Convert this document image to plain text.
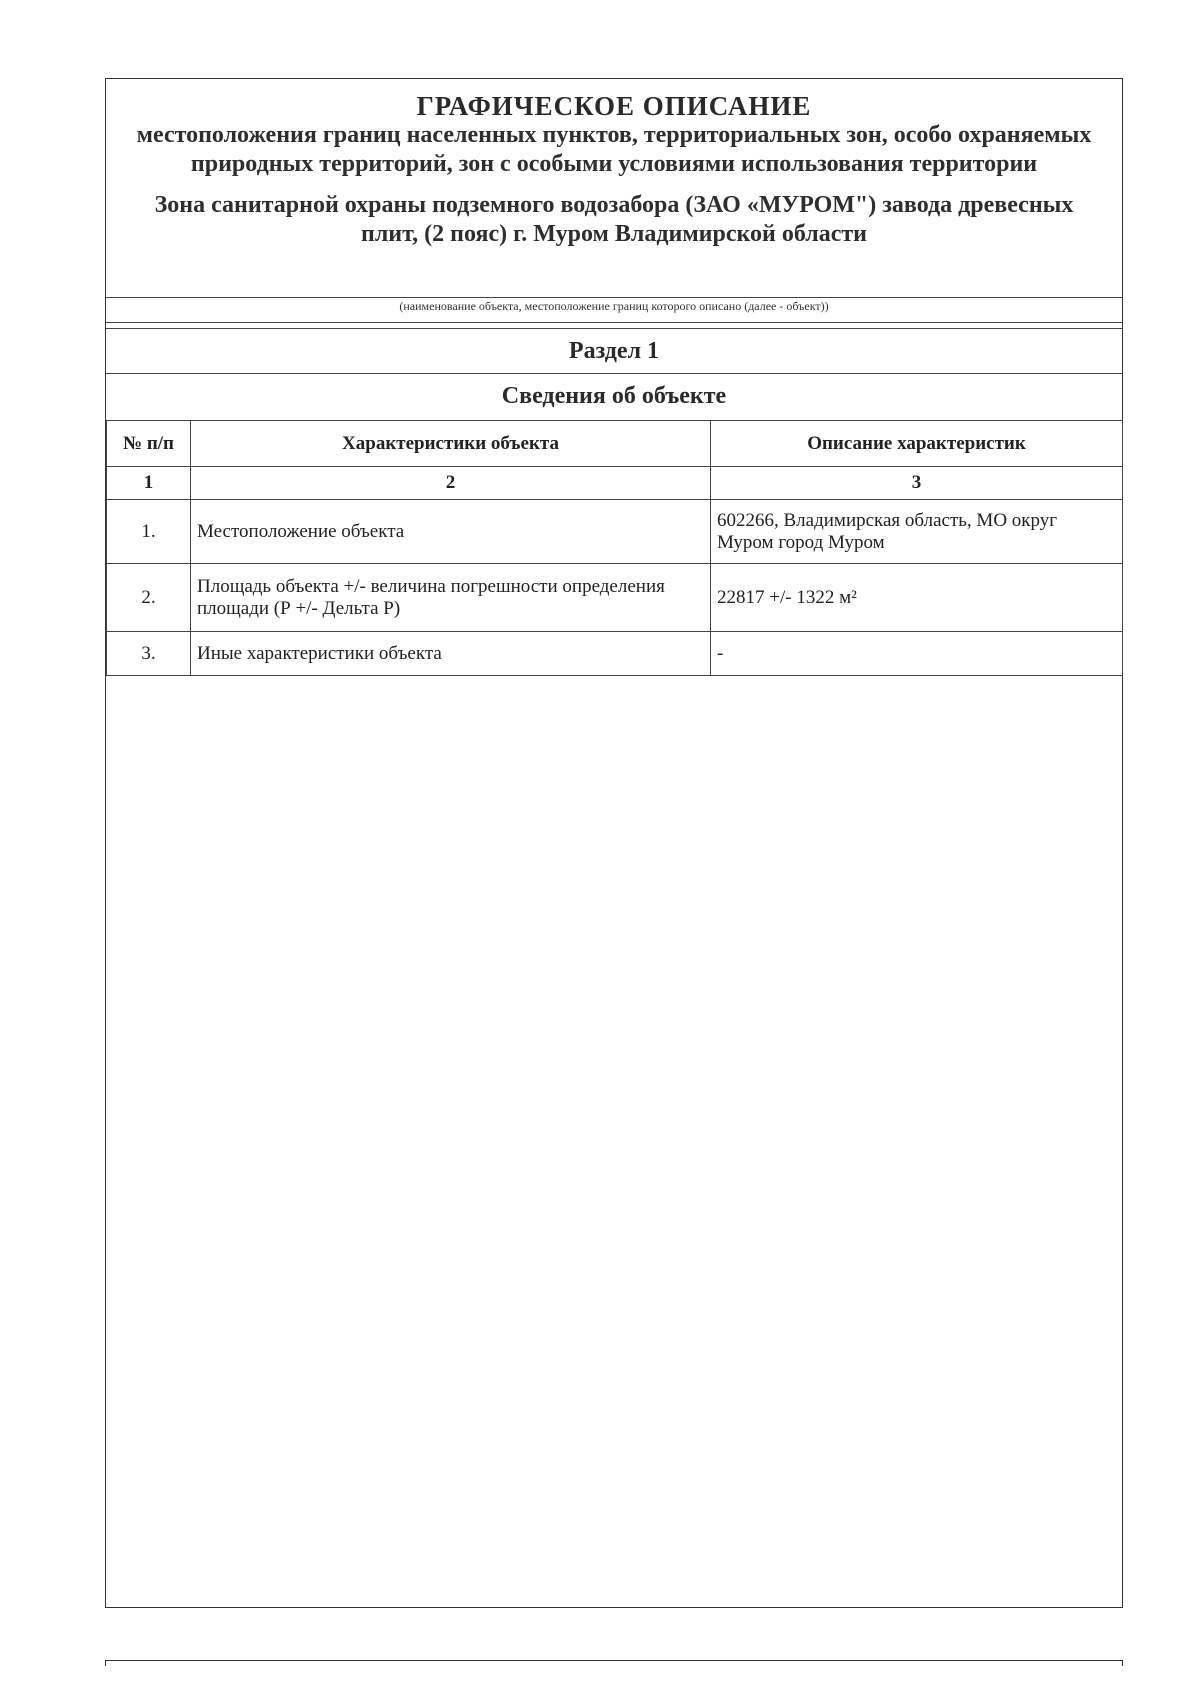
ГРАФИЧЕСКОЕ ОПИСАНИЕ
местоположения границ населенных пунктов, территориальных зон, особо охраняемых природных территорий, зон с особыми условиями использования территории
Зона санитарной охраны подземного водозабора (ЗАО «МУРОМ") завода древесных плит, (2 пояс) г. Муром Владимирской области
(наименование объекта, местоположение границ которого описано (далее - объект))
Раздел 1
Сведения об объекте
№ п/п	Характеристики объекта	Описание характеристик
1	2	3
1.	Местоположение объекта	602266, Владимирская область, МО округ Муром город Муром
2.	Площадь объекта +/- величина погрешности определения площади (Р +/- Дельта Р)	22817 +/- 1322 м²
3.	Иные характеристики объекта	-
